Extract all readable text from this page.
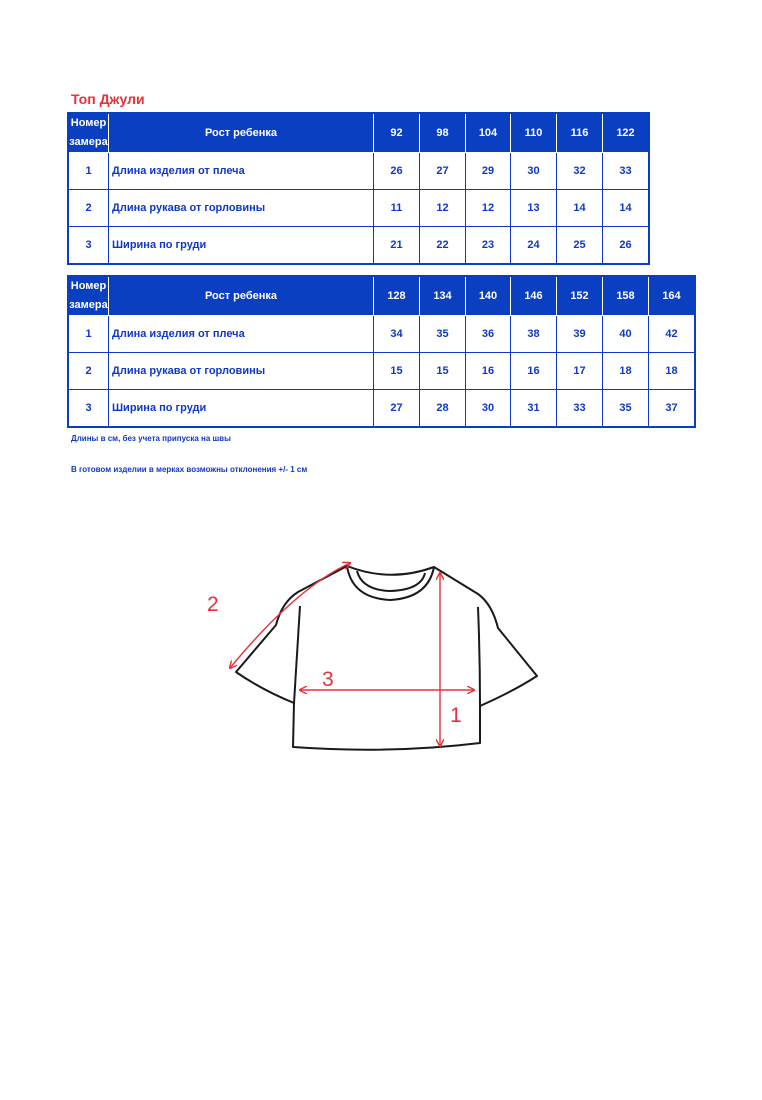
Топ Джули

Номер замера	Рост ребенка	92	98	104	110	116	122
1	Длина изделия от плеча	26	27	29	30	32	33
2	Длина рукава от горловины	11	12	12	13	14	14
3	Ширина по груди	21	22	23	24	25	26
Номер замера	Рост ребенка	128	134	140	146	152	158	164
1	Длина изделия от плеча	34	35	36	38	39	40	42
2	Длина рукава от горловины	15	15	16	16	17	18	18
3	Ширина по груди	27	28	30	31	33	35	37

Длины в см, без учета припуска на швы

В готовом изделии в мерках возможны отклонения +/- 1 см

1
2
3
